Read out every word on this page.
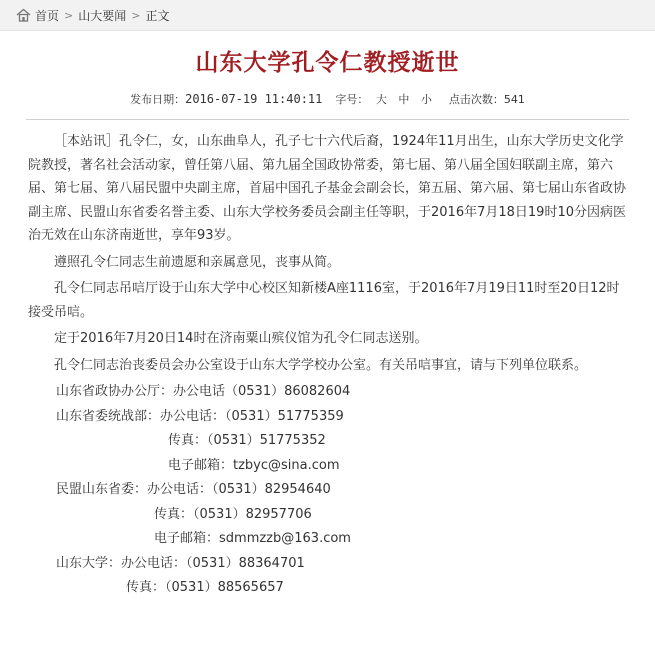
首页 > 山大要闻 > 正文
山东大学孔令仁教授逝世
发布日期：2016-07-19 11:40:11 字号： 大 中 小 点击次数：541

［本站讯］孔令仁，女，山东曲阜人，孔子七十六代后裔，1924年11月出生，山东大学历史文化学院教授，著名社会活动家，曾任第八届、第九届全国政协常委，第七届、第八届全国妇联副主席，第六届、第七届、第八届民盟中央副主席，首届中国孔子基金会副会长，第五届、第六届、第七届山东省政协副主席、民盟山东省委名誉主委、山东大学校务委员会副主任等职，于2016年7月18日19时10分因病医治无效在山东济南逝世，享年93岁。

遵照孔令仁同志生前遗愿和亲属意见，丧事从简。

孔令仁同志吊唁厅设于山东大学中心校区知新楼A座1116室，于2016年7月19日11时至20日12时接受吊唁。

定于2016年7月20日14时在济南粟山殡仪馆为孔令仁同志送别。

孔令仁同志治丧委员会办公室设于山东大学学校办公室。有关吊唁事宜，请与下列单位联系。

山东省政协办公厅：办公电话（0531）86082604
山东省委统战部：办公电话：（0531）51775359
传真：（0531）51775352
电子邮箱：tzbyc@sina.com
民盟山东省委：办公电话：（0531）82954640
传真：（0531）82957706
电子邮箱：sdmmzzb@163.com
山东大学：办公电话：（0531）88364701
传真：（0531）88565657
